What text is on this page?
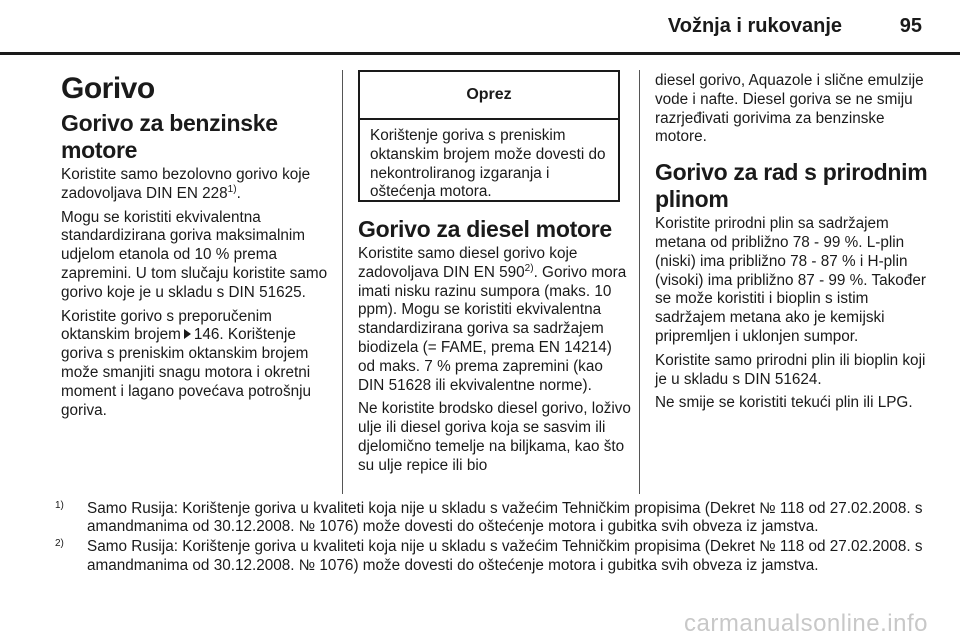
Vožnja i rukovanje	95
Gorivo
Gorivo za benzinske motore

Koristite samo bezolovno gorivo koje zadovoljava DIN EN 228$^{1)}$.

Mogu se koristiti ekvivalentna standardizirana goriva maksimalnim udjelom etanola od 10 % prema zapremini. U tom slučaju koristite samo gorivo koje je u skladu s DIN 51625.

Koristite gorivo s preporučenim oktanskim brojem 146. Korištenje goriva s preniskim oktanskim brojem može smanjiti snagu motora i okretni moment i lagano povećava potrošnju goriva.

Oprez
Korištenje goriva s preniskim oktanskim brojem može dovesti do nekontroliranog izgaranja i oštećenja motora.
Gorivo za diesel motore

Koristite samo diesel gorivo koje zadovoljava DIN EN 590$^{2)}$. Gorivo mora imati nisku razinu sumpora (maks. 10 ppm). Mogu se koristiti ekvivalentna standardizirana goriva sa sadržajem biodizela (= FAME, prema EN 14214) od maks. 7 % prema zapremini (kao DIN 51628 ili ekvivalentne norme).

Ne koristite brodsko diesel gorivo, loživo ulje ili diesel goriva koja se sasvim ili djelomično temelje na biljkama, kao što su ulje repice ili bio

diesel gorivo, Aquazole i slične emulzije vode i nafte. Diesel goriva se ne smiju razrjeđivati gorivima za benzinske motore.

Gorivo za rad s prirodnim plinom

Koristite prirodni plin sa sadržajem metana od približno 78 - 99 %. L-plin (niski) ima približno 78 - 87 % i H-plin (visoki) ima približno 87 - 99 %. Također se može koristiti i bioplin s istim sadržajem metana ako je kemijski pripremljen i uklonjen sumpor.

Koristite samo prirodni plin ili bioplin koji je u skladu s DIN 51624.

Ne smije se koristiti tekući plin ili LPG.

1) Samo Rusija: Korištenje goriva u kvaliteti koja nije u skladu s važećim Tehničkim propisima (Dekret № 118 od 27.02.2008. s amandmanima od 30.12.2008. № 1076) može dovesti do oštećenje motora i gubitka svih obveza iz jamstva.
2) Samo Rusija: Korištenje goriva u kvaliteti koja nije u skladu s važećim Tehničkim propisima (Dekret № 118 od 27.02.2008. s amandmanima od 30.12.2008. № 1076) može dovesti do oštećenje motora i gubitka svih obveza iz jamstva.
carmanualsonline.info
